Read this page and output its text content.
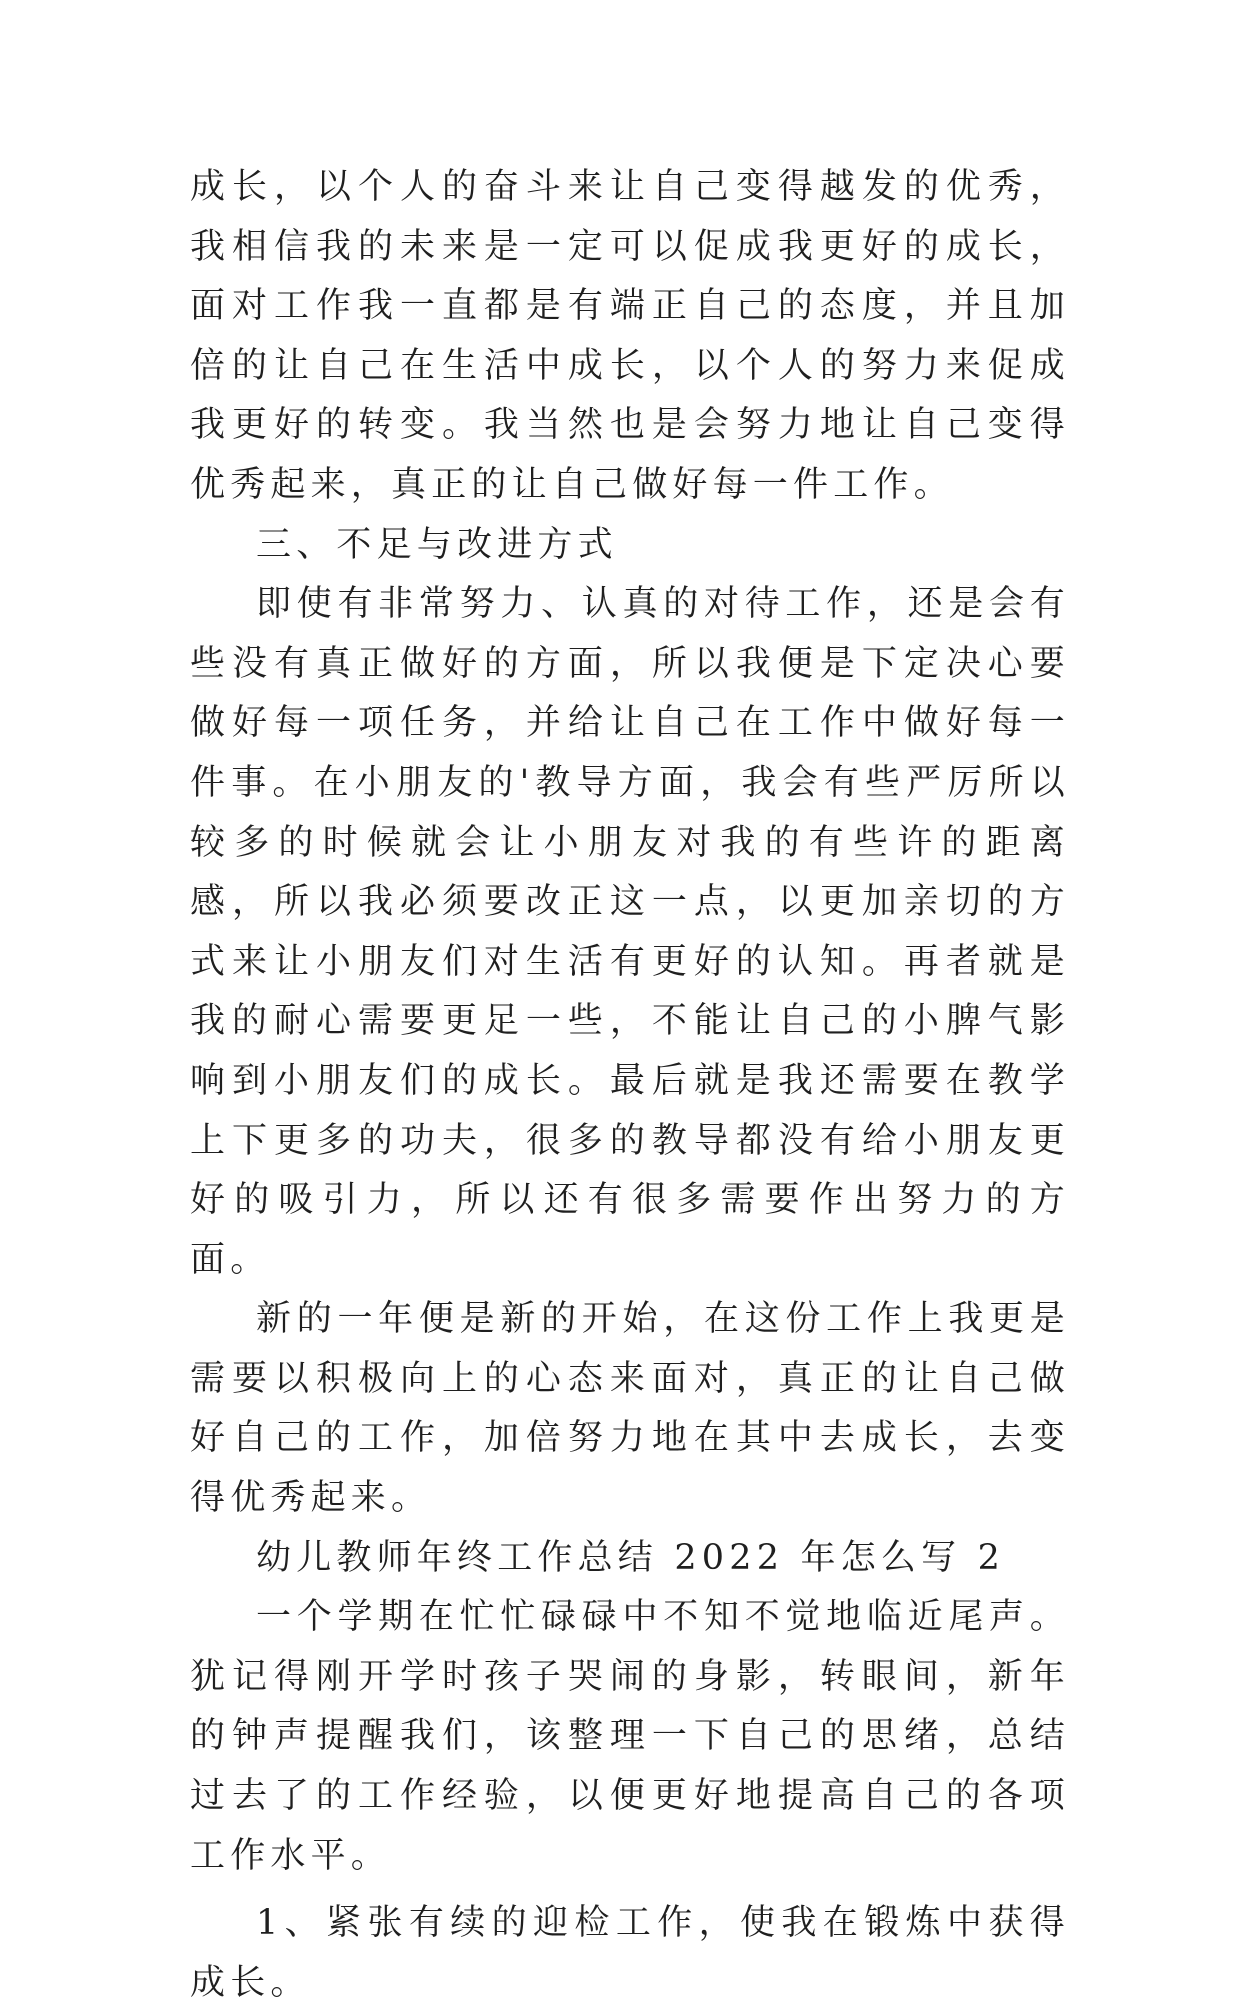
成长，以个人的奋斗来让自己变得越发的优秀，我相信我的未来是一定可以促成我更好的成长，面对工作我一直都是有端正自己的态度，并且加倍的让自己在生活中成长，以个人的努力来促成我更好的转变。我当然也是会努力地让自己变得优秀起来，真正的让自己做好每一件工作。

三、不足与改进方式

即使有非常努力、认真的对待工作，还是会有些没有真正做好的方面，所以我便是下定决心要做好每一项任务，并给让自己在工作中做好每一件事。在小朋友的'教导方面，我会有些严厉所以较多的时候就会让小朋友对我的有些许的距离感，所以我必须要改正这一点，以更加亲切的方式来让小朋友们对生活有更好的认知。再者就是我的耐心需要更足一些，不能让自己的小脾气影响到小朋友们的成长。最后就是我还需要在教学上下更多的功夫，很多的教导都没有给小朋友更好的吸引力，所以还有很多需要作出努力的方面。

新的一年便是新的开始，在这份工作上我更是需要以积极向上的心态来面对，真正的让自己做好自己的工作，加倍努力地在其中去成长，去变得优秀起来。

幼儿教师年终工作总结 2022 年怎么写 2

一个学期在忙忙碌碌中不知不觉地临近尾声。犹记得刚开学时孩子哭闹的身影，转眼间，新年的钟声提醒我们，该整理一下自己的思绪，总结过去了的工作经验，以便更好地提高自己的各项工作水平。

1、紧张有续的迎检工作，使我在锻炼中获得成长。
